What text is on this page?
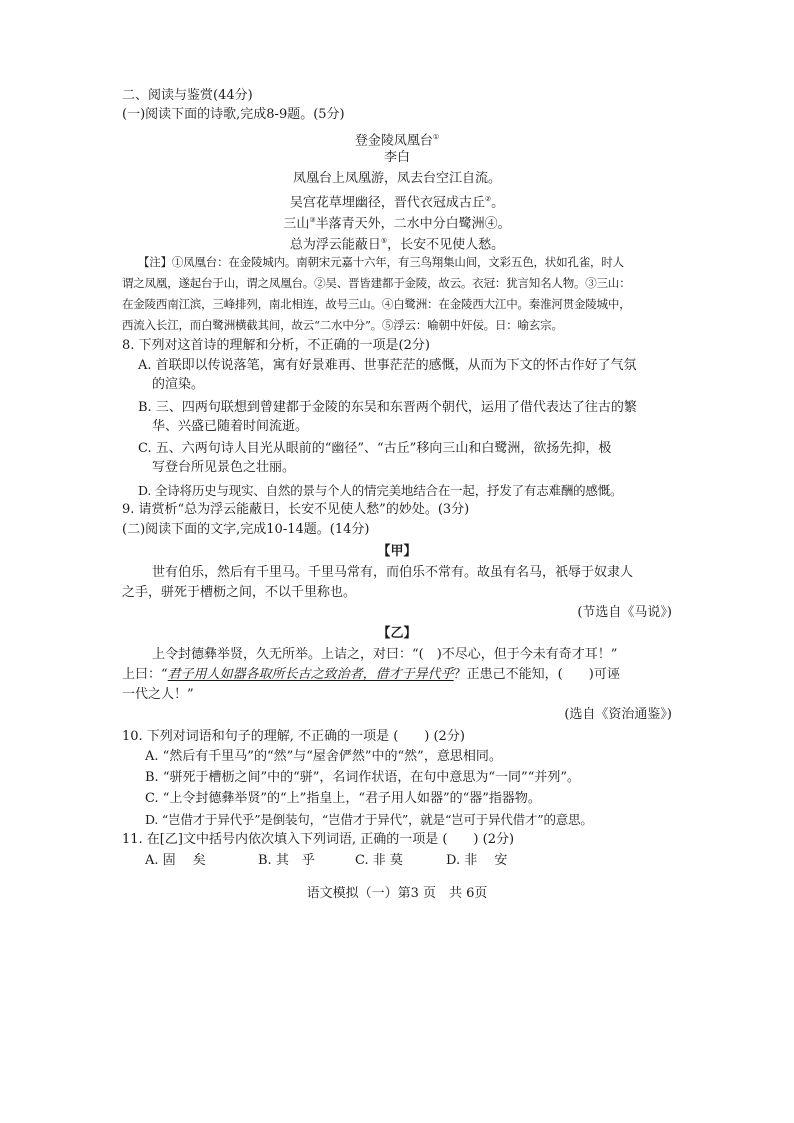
二、阅读与鉴赏(44分)
(一)阅读下面的诗歌,完成8-9题。(5分)
登金陵凤凰台①
李白
凤凰台上凤凰游，凤去台空江自流。
吴宫花草埋幽径，晋代衣冠成古丘②。
三山③半落青天外，二水中分白鹭洲④。
总为浮云能蔽日⑤，长安不见使人愁。
【注】①凤凰台：在金陵城内。南朝宋元嘉十六年，有三鸟翔集山间，文彩五色，状如孔雀，时人
谓之凤凰，遂起台于山，谓之凤凰台。②吴、晋皆建都于金陵，故云。衣冠：犹言知名人物。③三山：
在金陵西南江滨，三峰排列，南北相连，故号三山。④白鹭洲：在金陵西大江中。秦淮河贯金陵城中，
西流入长江，而白鹭洲横截其间，故云“二水中分”。⑤浮云：喻朝中奸佞。日：喻玄宗。
8. 下列对这首诗的理解和分析，不正确的一项是(2分)
A. 首联即以传说落笔，寓有好景难再、世事茫茫的感慨，从而为下文的怀古作好了气氛
的渲染。
B. 三、四两句联想到曾建都于金陵的东吴和东晋两个朝代，运用了借代表达了往古的繁
华、兴盛已随着时间流逝。
C. 五、六两句诗人目光从眼前的“幽径”、“古丘”移向三山和白鹭洲，欲扬先抑，极
写登台所见景色之壮丽。
D. 全诗将历史与现实、自然的景与个人的情完美地结合在一起，抒发了有志难酬的感慨。
9. 请赏析“总为浮云能蔽日，长安不见使人愁”的妙处。(3分)
(二)阅读下面的文字,完成10-14题。(14分)
【甲】
世有伯乐，然后有千里马。千里马常有，而伯乐不常有。故虽有名马，祇辱于奴隶人
之手，骈死于槽枥之间，不以千里称也。
(节选自《马说》)
【乙】
上令封德彝举贤，久无所举。上诘之，对曰：“(　)不尽心，但于今未有奇才耳！”
上曰：“君子用人如器各取所长古之致治者，借才于异代乎？正患己不能知，(　　)可诬
一代之人！”
(选自《资治通鉴》)
10. 下列对词语和句子的理解, 不正确的一项是 (　　) (2分)
A. “然后有千里马”的“然”与“屋舍俨然”中的“然”，意思相同。
B. “骈死于槽枥之间”中的“骈”，名词作状语，在句中意思为“一同”“并列”。
C. “上令封德彝举贤”的“上”指皇上，“君子用人如器”的“器”指器物。
D. “岂借才于异代乎”是倒装句，“岂借才于异代”，就是“岂可于异代借才”的意思。
11. 在[乙]文中括号内依次填入下列词语, 正确的一项是 (　　) (2分)
A. 固　 矣	B. 其　乎	C. 非 莫	D. 非　 安
语文模拟（一）第3 页　共 6页
